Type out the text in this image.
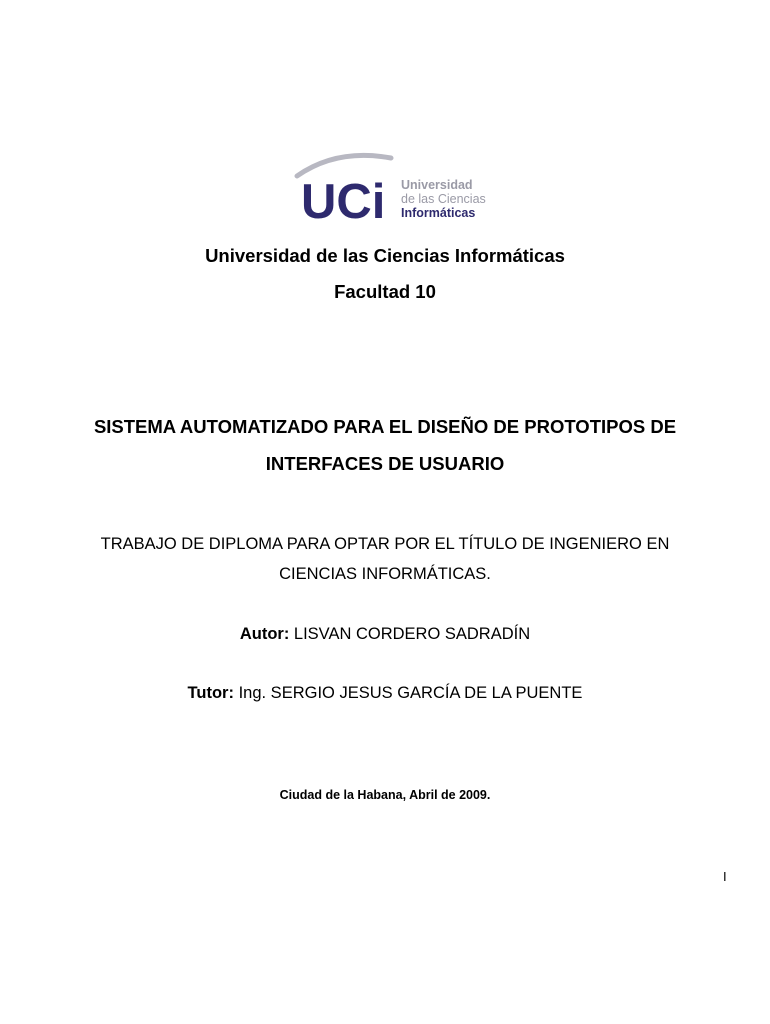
UCi Universidad
de las Ciencias
Informáticas
Universidad de las Ciencias Informáticas
Facultad 10
SISTEMA AUTOMATIZADO PARA EL DISEÑO DE PROTOTIPOS DE
INTERFACES DE USUARIO
TRABAJO DE DIPLOMA PARA OPTAR POR EL TÍTULO DE INGENIERO EN
CIENCIAS INFORMÁTICAS.
Autor: LISVAN CORDERO SADRADÍN
Tutor: Ing. SERGIO JESUS GARCÍA DE LA PUENTE
Ciudad de la Habana, Abril de 2009.
I
